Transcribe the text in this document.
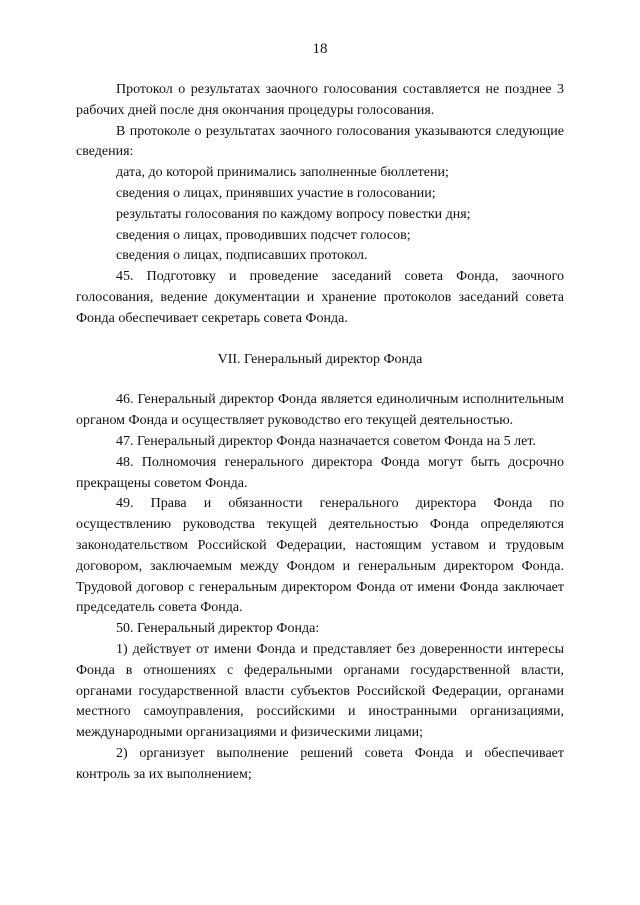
18

Протокол о результатах заочного голосования составляется не позднее 3 рабочих дней после дня окончания процедуры голосования.

В протоколе о результатах заочного голосования указываются следующие сведения:

дата, до которой принимались заполненные бюллетени;

сведения о лицах, принявших участие в голосовании;

результаты голосования по каждому вопросу повестки дня;

сведения о лицах, проводивших подсчет голосов;

сведения о лицах, подписавших протокол.

45. Подготовку и проведение заседаний совета Фонда, заочного голосования, ведение документации и хранение протоколов заседаний совета Фонда обеспечивает секретарь совета Фонда.

VII. Генеральный директор Фонда

46. Генеральный директор Фонда является единоличным исполнительным органом Фонда и осуществляет руководство его текущей деятельностью.

47. Генеральный директор Фонда назначается советом Фонда на 5 лет.

48. Полномочия генерального директора Фонда могут быть досрочно прекращены советом Фонда.

49. Права и обязанности генерального директора Фонда по осуществлению руководства текущей деятельностью Фонда определяются законодательством Российской Федерации, настоящим уставом и трудовым договором, заключаемым между Фондом и генеральным директором Фонда. Трудовой договор с генеральным директором Фонда от имени Фонда заключает председатель совета Фонда.

50. Генеральный директор Фонда:

1) действует от имени Фонда и представляет без доверенности интересы Фонда в отношениях с федеральными органами государственной власти, органами государственной власти субъектов Российской Федерации, органами местного самоуправления, российскими и иностранными организациями, международными организациями и физическими лицами;

2) организует выполнение решений совета Фонда и обеспечивает контроль за их выполнением;
